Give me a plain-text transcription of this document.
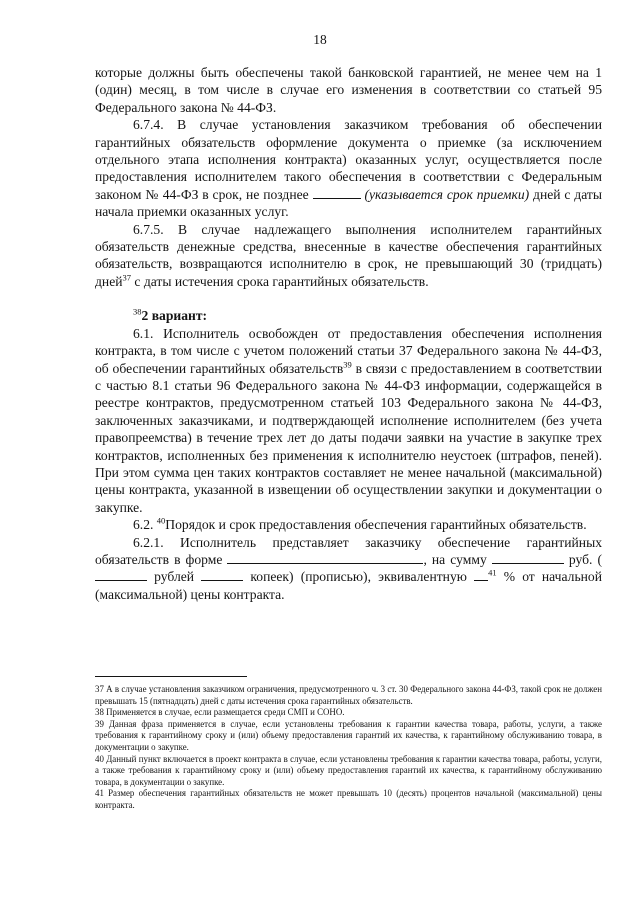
18

которые должны быть обеспечены такой банковской гарантией, не менее чем на 1 (один) месяц, в том числе в случае его изменения в соответствии со статьей 95 Федерального закона № 44-ФЗ.

6.7.4. В случае установления заказчиком требования об обеспечении гарантийных обязательств оформление документа о приемке (за исключением отдельного этапа исполнения контракта) оказанных услуг, осуществляется после предоставления исполнителем такого обеспечения в соответствии с Федеральным законом № 44-ФЗ в срок, не позднее	(указывается срок приемки) дней с даты начала приемки оказанных услуг.

6.7.5. В случае надлежащего выполнения исполнителем гарантийных обязательств денежные средства, внесенные в качестве обеспечения гарантийных обязательств, возвращаются исполнителю в срок, не превышающий 30 (тридцать) дней$^{37}$ с даты истечения срока гарантийных обязательств.

$^{38}$2 вариант:

6.1. Исполнитель освобожден от предоставления обеспечения исполнения контракта, в том числе с учетом положений статьи 37 Федерального закона № 44-ФЗ, об обеспечении гарантийных обязательств$^{39}$ в связи с предоставлением в соответствии с частью 8.1 статьи 96 Федерального закона № 44-ФЗ информации, содержащейся в реестре контрактов, предусмотренном статьей 103 Федерального закона № 44-ФЗ, заключенных заказчиками, и подтверждающей исполнение исполнителем (без учета правопреемства) в течение трех лет до даты подачи заявки на участие в закупке трех контрактов, исполненных без применения к исполнителю неустоек (штрафов, пеней). При этом сумма цен таких контрактов составляет не менее начальной (максимальной) цены контракта, указанной в извещении об осуществлении закупки и документации о закупке.

6.2. $^{40}$Порядок и срок предоставления обеспечения гарантийных обязательств.

6.2.1. Исполнитель представляет заказчику обеспечение гарантийных обязательств в форме	, на сумму	руб. ( рублей	копеек) (прописью), эквивалентную $^{41}$ % от начальной (максимальной) цены контракта.

37 А в случае установления заказчиком ограничения, предусмотренного ч. 3 ст. 30 Федерального закона 44-ФЗ, такой срок не должен превышать 15 (пятнадцать) дней с даты истечения срока гарантийных обязательств.

38 Применяется в случае, если размещается среди СМП и СОНО.

39 Данная фраза применяется в случае, если установлены требования к гарантии качества товара, работы, услуги, а также требования к гарантийному сроку и (или) объему предоставления гарантий их качества, к гарантийному обслуживанию товара, в документации о закупке.

40 Данный пункт включается в проект контракта в случае, если установлены требования к гарантии качества товара, работы, услуги, а также требования к гарантийному сроку и (или) объему предоставления гарантий их качества, к гарантийному обслуживанию товара, в документации о закупке.

41 Размер обеспечения гарантийных обязательств не может превышать 10 (десять) процентов начальной (максимальной) цены контракта.
